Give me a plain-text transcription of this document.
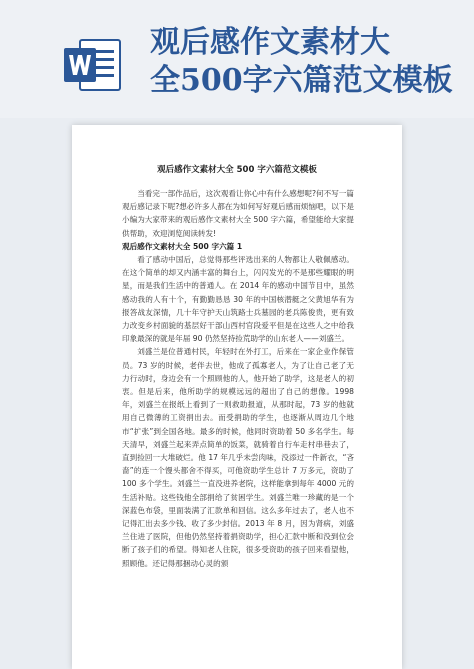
观后感作文素材大
全500字六篇范文模板
观后感作文素材大全 500 字六篇范文模板

当看完一部作品后，这次观看让你心中有什么感想呢?何不写一篇观后感记录下呢?想必许多人都在为如何写好观后感而烦恼吧，以下是小编为大家带来的观后感作文素材大全 500 字六篇，希望能给大家提供帮助，欢迎浏览阅读转发!

观后感作文素材大全 500 字六篇 1

看了感动中国后，总觉得那些评选出来的人物都让人敬佩感动。在这个简单的却又内涵丰富的舞台上，闪闪发光的不是那些耀眼的明星，而是我们生活中的普通人。在 2014 年的感动中国节目中，虽然感动我的人有十个，有勤勤恳恳 30 年的中国核潜艇之父黄旭华有为报答战友深情，几十年守护天山筑路士兵墓园的老兵陈俊贵，更有致力改变乡村面貌的基层好干部山西村官段爱平但是在这些人之中给我印象最深的就是年届 90 仍然坚持捡荒助学的山东老人——刘盛兰。

刘盛兰是位普通村民，年轻时在外打工，后来在一家企业作保管员。73 岁的时候，老伴去世，他成了孤寡老人，为了让自己老了无力行动时，身边会有一个照顾他的人，他开始了助学，这是老人的初衷。但是后来，他所助学的规模远远的超出了自己的想像。1998 年，刘盛兰在报纸上看到了一则救助报道，从那时起，73 岁的他就用自己微薄的工资捐出去。而受捐助的学生，也逐渐从周边几个地市“扩张”到全国各地。最多的时候，他同时资助着 50 多名学生。每天清早，刘盛兰起来弄点简单的饭菜，就骑着自行车走村串巷去了，直到捡回一大堆破烂。他 17 年几乎未尝肉味，没添过一件新衣，“吝啬”的连一个馒头都舍不得买，可他资助学生总计 7 万多元，资助了 100 多个学生。刘盛兰一直没进养老院，这样能拿到每年 4000 元的生活补贴。这些钱他全部捐给了贫困学生。刘盛兰唯一珍藏的是一个深蓝色布袋，里面装满了汇款单和回信。这么多年过去了，老人也不记得汇出去多少钱、收了多少封信。2013 年 8 月，因为肾病，刘盛兰住进了医院，但他仍然坚持着捐资助学，担心汇款中断和没到位会断了孩子们的希望。得知老人住院，很多受资助的孩子回来看望他，照顾他。还记得那捆动心灵的颁
